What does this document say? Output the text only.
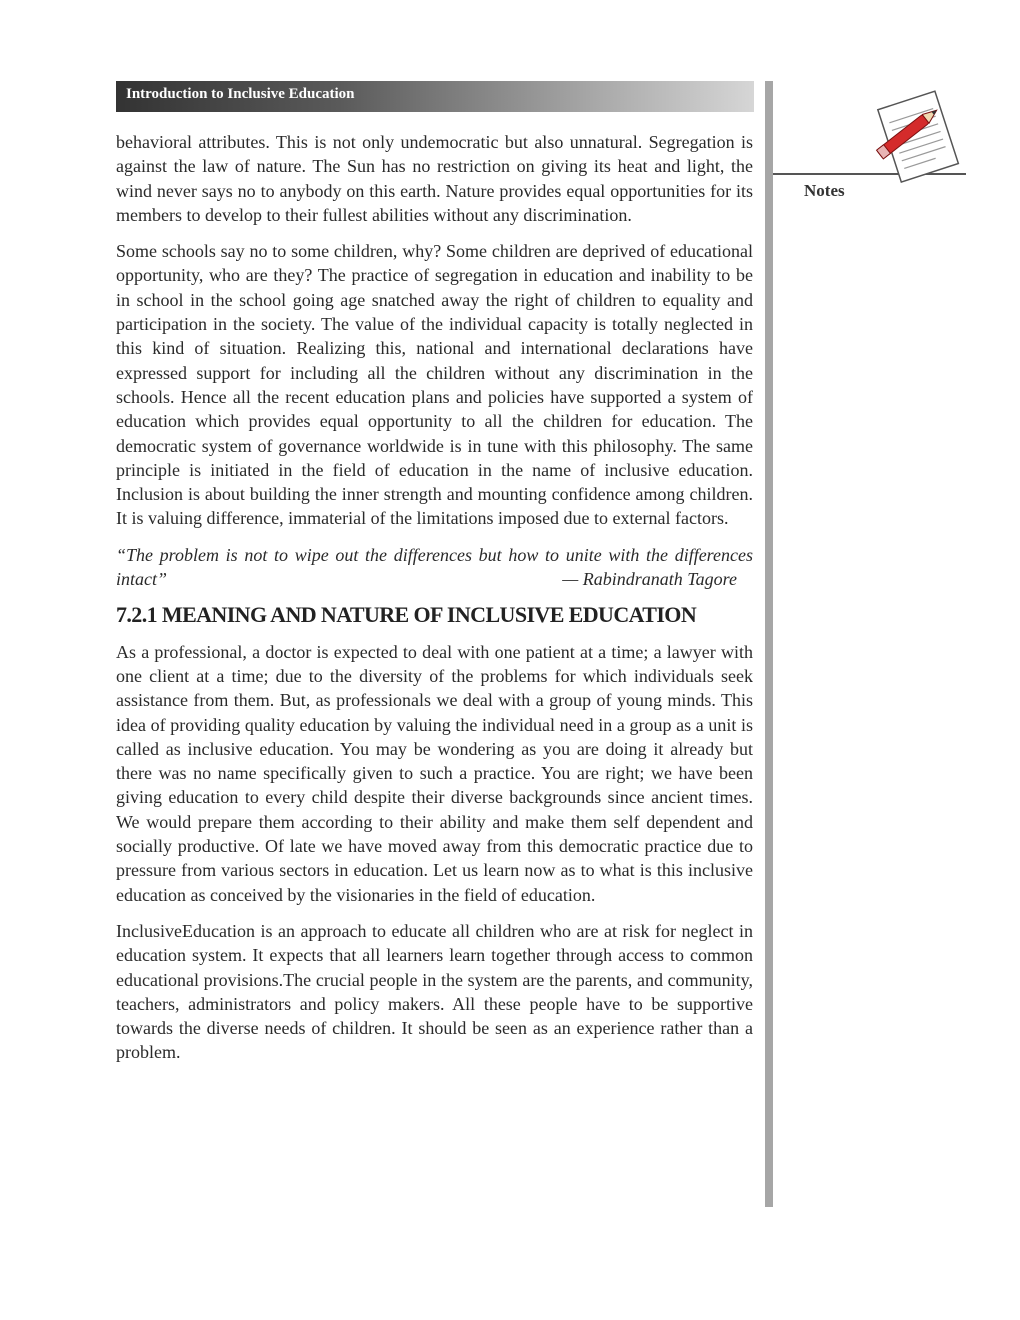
Introduction to Inclusive Education
Notes

behavioral attributes. This is not only undemocratic but also unnatural. Segregation is against the law of nature. The Sun has no restriction on giving its heat and light, the wind never says no to anybody on this earth. Nature provides equal opportunities for its members to develop to their fullest abilities without any discrimination.

Some schools say no to some children, why? Some children are deprived of educational opportunity, who are they? The practice of segregation in education and inability to be in school in the school going age snatched away the right of children to equality and participation in the society. The value of the individual capacity is totally neglected in this kind of situation. Realizing this, national and international declarations have expressed support for including all the children without any discrimination in the schools. Hence all the recent education plans and policies have supported a system of education which provides equal opportunity to all the children for education. The democratic system of governance worldwide is in tune with this philosophy. The same principle is initiated in the field of education in the name of inclusive education. Inclusion is about building the inner strength and mounting confidence among children. It is valuing difference, immaterial of the limitations imposed due to external factors.

“The problem is not to wipe out the differences but how to unite with the differences intact”	— Rabindranath Tagore

7.2.1 MEANING AND NATURE OF INCLUSIVE EDUCATION

As a professional, a doctor is expected to deal with one patient at a time; a lawyer with one client at a time; due to the diversity of the problems for which individuals seek assistance from them. But, as professionals we deal with a group of young minds. This idea of providing quality education by valuing the individual need in a group as a unit is called as inclusive education. You may be wondering as you are doing it already but there was no name specifically given to such a practice. You are right; we have been giving education to every child despite their diverse backgrounds since ancient times. We would prepare them according to their ability and make them self dependent and socially productive. Of late we have moved away from this democratic practice due to pressure from various sectors in education. Let us learn now as to what is this inclusive education as conceived by the visionaries in the field of education.

InclusiveEducation is an approach to educate all children who are at risk for neglect in education system. It expects that all learners learn together through access to common educational provisions.The crucial people in the system are the parents, and community, teachers, administrators and policy makers. All these people have to be supportive towards the diverse needs of children. It should be seen as an experience rather than a problem.
